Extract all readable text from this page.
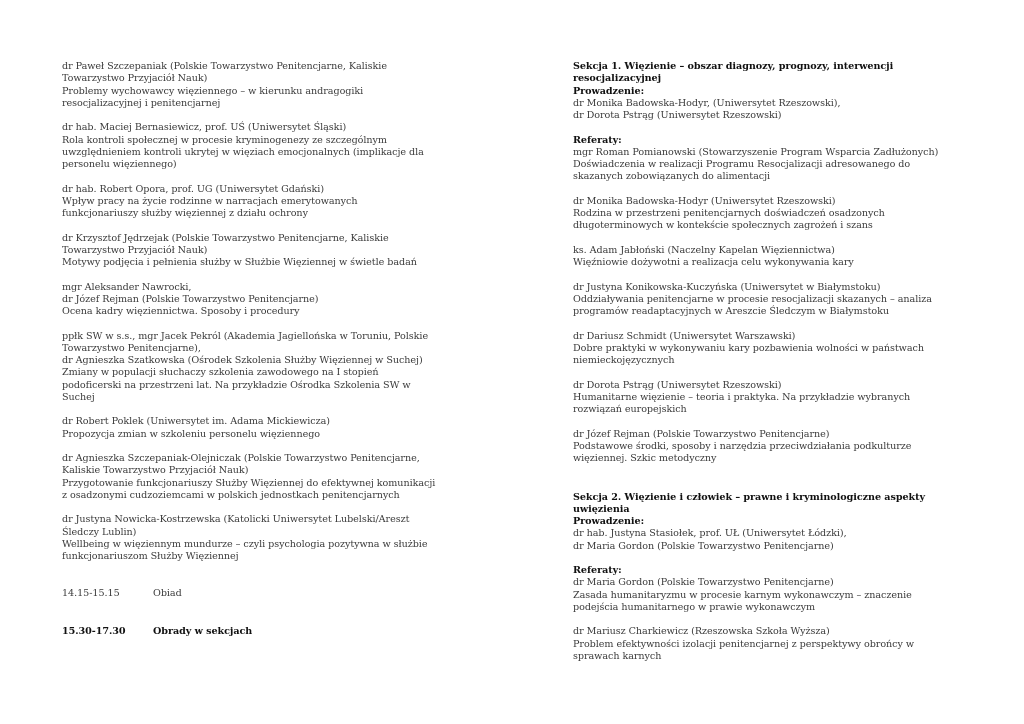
dr Paweł Szczepaniak (Polskie Towarzystwo Penitencjarne, Kaliskie
Towarzystwo Przyjaciół Nauk)
Problemy wychowawcy więziennego – w kierunku andragogiki
resocjalizacyjnej i penitencjarnej
dr hab. Maciej Bernasiewicz, prof. UŚ (Uniwersytet Śląski)
Rola kontroli społecznej w procesie kryminogenezy ze szczególnym
uwzględnieniem kontroli ukrytej w więziach emocjonalnych (implikacje dla
personelu więziennego)
dr hab. Robert Opora, prof. UG (Uniwersytet Gdański)
Wpływ pracy na życie rodzinne w narracjach emerytowanych
funkcjonariuszy służby więziennej z działu ochrony
dr Krzysztof Jędrzejak (Polskie Towarzystwo Penitencjarne, Kaliskie
Towarzystwo Przyjaciół Nauk)
Motywy podjęcia i pełnienia służby w Służbie Więziennej w świetle badań
mgr Aleksander Nawrocki,
dr Józef Rejman (Polskie Towarzystwo Penitencjarne)
Ocena kadry więziennictwa. Sposoby i procedury
ppłk SW w s.s., mgr Jacek Pekról (Akademia Jagiellońska w Toruniu, Polskie
Towarzystwo Penitencjarne),
dr Agnieszka Szatkowska (Ośrodek Szkolenia Służby Więziennej w Suchej)
Zmiany w populacji słuchaczy szkolenia zawodowego na I stopień
podoficerski na przestrzeni lat. Na przykładzie Ośrodka Szkolenia SW w
Suchej
dr Robert Poklek (Uniwersytet im. Adama Mickiewicza)
Propozycja zmian w szkoleniu personelu więziennego
dr Agnieszka Szczepaniak-Olejniczak (Polskie Towarzystwo Penitencjarne,
Kaliskie Towarzystwo Przyjaciół Nauk)
Przygotowanie funkcjonariuszy Służby Więziennej do efektywnej komunikacji
z osadzonymi cudzoziemcami w polskich jednostkach penitencjarnych
dr Justyna Nowicka-Kostrzewska (Katolicki Uniwersytet Lubelski/Areszt
Śledczy Lublin)
Wellbeing w więziennym mundurze – czyli psychologia pozytywna w służbie
funkcjonariuszom Służby Więziennej
14.15-15.15	Obiad
15.30-17.30	Obrady w sekcjach
Sekcja 1. Więzienie – obszar diagnozy, prognozy, interwencji
resocjalizacyjnej
Prowadzenie:
dr Monika Badowska-Hodyr, (Uniwersytet Rzeszowski),
dr Dorota Pstrąg (Uniwersytet Rzeszowski)
Referaty:
mgr Roman Pomianowski (Stowarzyszenie Program Wsparcia Zadłużonych)
Doświadczenia w realizacji Programu Resocjalizacji adresowanego do
skazanych zobowiązanych do alimentacji
dr Monika Badowska-Hodyr (Uniwersytet Rzeszowski)
Rodzina w przestrzeni penitencjarnych doświadczeń osadzonych
długoterminowych w kontekście społecznych zagrożeń i szans
ks. Adam Jabłoński (Naczelny Kapelan Więziennictwa)
Więźniowie dożywotni a realizacja celu wykonywania kary
dr Justyna Konikowska-Kuczyńska (Uniwersytet w Białymstoku)
Oddziaływania penitencjarne w procesie resocjalizacji skazanych – analiza
programów readaptacyjnych w Areszcie Śledczym w Białymstoku
dr Dariusz Schmidt (Uniwersytet Warszawski)
Dobre praktyki w wykonywaniu kary pozbawienia wolności w państwach
niemieckojęzycznych
dr Dorota Pstrąg (Uniwersytet Rzeszowski)
Humanitarne więzienie – teoria i praktyka. Na przykładzie wybranych
rozwiązań europejskich
dr Józef Rejman (Polskie Towarzystwo Penitencjarne)
Podstawowe środki, sposoby i narzędzia przeciwdziałania podkulturze
więziennej. Szkic metodyczny
Sekcja 2. Więzienie i człowiek – prawne i kryminologiczne aspekty
uwięzienia
Prowadzenie:
dr hab. Justyna Stasiołek, prof. UŁ (Uniwersytet Łódzki),
dr Maria Gordon (Polskie Towarzystwo Penitencjarne)
Referaty:
dr Maria Gordon (Polskie Towarzystwo Penitencjarne)
Zasada humanitaryzmu w procesie karnym wykonawczym – znaczenie
podejścia humanitarnego w prawie wykonawczym
dr Mariusz Charkiewicz (Rzeszowska Szkoła Wyższa)
Problem efektywności izolacji penitencjarnej z perspektywy obrońcy w
sprawach karnych
